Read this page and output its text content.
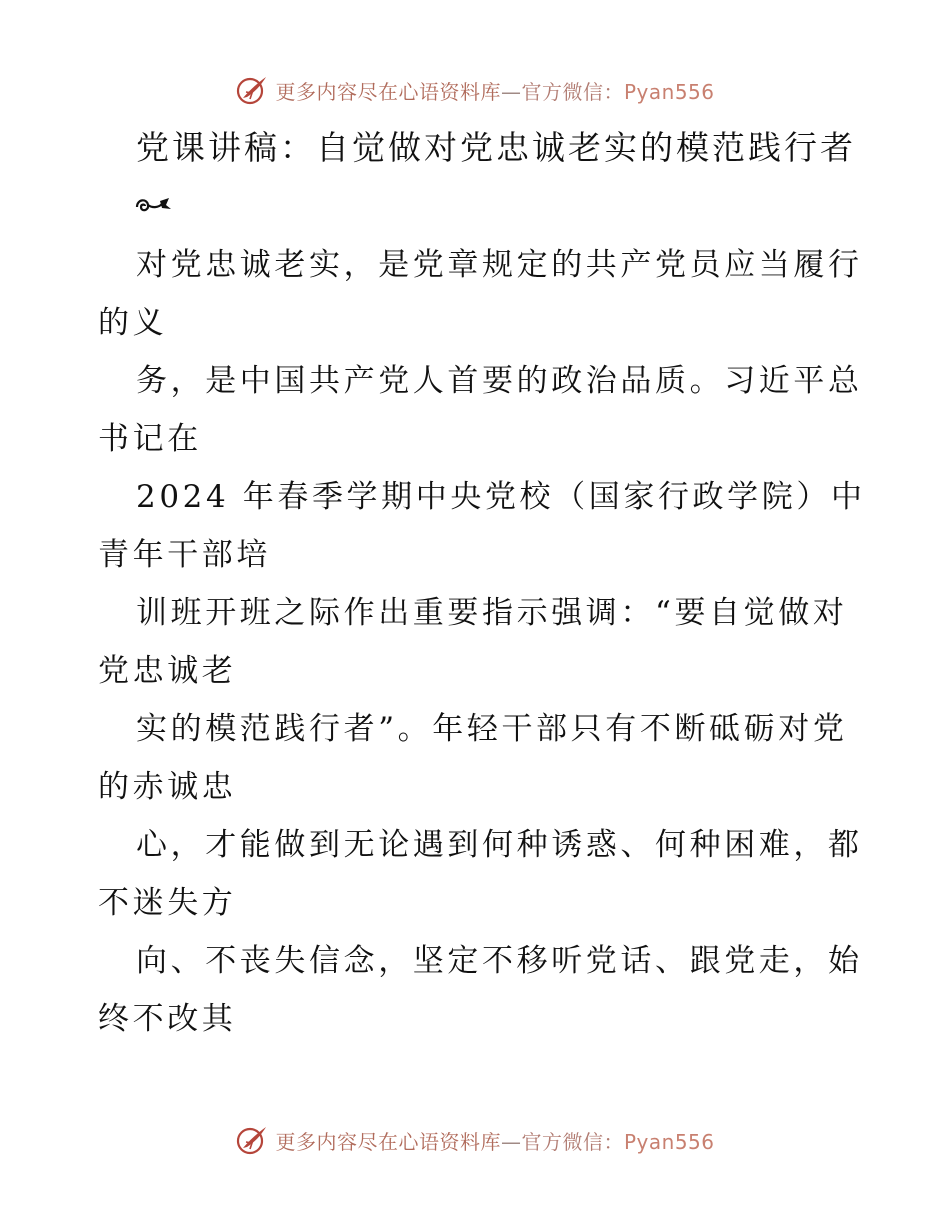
更多内容尽在心语资料库—官方微信：Pyan556
党课讲稿：自觉做对党忠诚老实的模范践行者
对党忠诚老实，是党章规定的共产党员应当履行
的义
务，是中国共产党人首要的政治品质。习近平总
书记在
2024 年春季学期中央党校（国家行政学院）中
青年干部培
训班开班之际作出重要指示强调：“要自觉做对
党忠诚老
实的模范践行者”。年轻干部只有不断砥砺对党
的赤诚忠
心，才能做到无论遇到何种诱惑、何种困难，都
不迷失方
向、不丧失信念，坚定不移听党话、跟党走，始
终不改其
更多内容尽在心语资料库—官方微信：Pyan556
